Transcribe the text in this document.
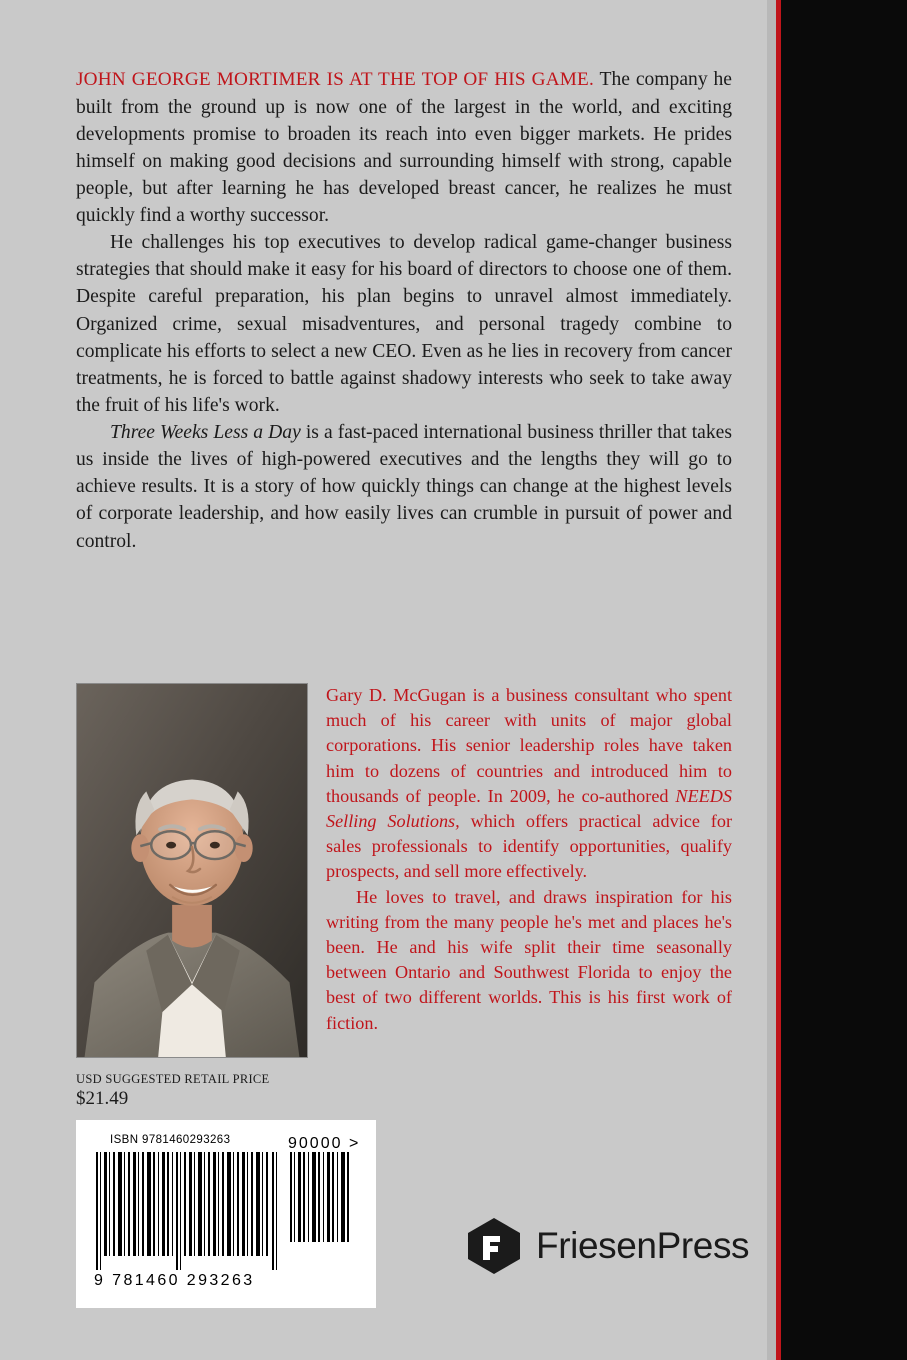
JOHN GEORGE MORTIMER IS AT THE TOP OF HIS GAME. The company he built from the ground up is now one of the largest in the world, and exciting developments promise to broaden its reach into even bigger markets. He prides himself on making good decisions and surrounding himself with strong, capable people, but after learning he has developed breast cancer, he realizes he must quickly find a worthy successor.

He challenges his top executives to develop radical game-changer business strategies that should make it easy for his board of directors to choose one of them. Despite careful preparation, his plan begins to unravel almost immediately. Organized crime, sexual misadventures, and personal tragedy combine to complicate his efforts to select a new CEO. Even as he lies in recovery from cancer treatments, he is forced to battle against shadowy interests who seek to take away the fruit of his life's work.

Three Weeks Less a Day is a fast-paced international business thriller that takes us inside the lives of high-powered executives and the lengths they will go to achieve results. It is a story of how quickly things can change at the highest levels of corporate leadership, and how easily lives can crumble in pursuit of power and control.

Gary D. McGugan is a business consultant who spent much of his career with units of major global corporations. His senior leadership roles have taken him to dozens of countries and introduced him to thousands of people. In 2009, he co-authored NEEDS Selling Solutions, which offers practical advice for sales professionals to identify opportunities, qualify prospects, and sell more effectively.

He loves to travel, and draws inspiration for his writing from the many people he's met and places he's been. He and his wife split their time seasonally between Ontario and Southwest Florida to enjoy the best of two different worlds. This is his first work of fiction.

USD SUGGESTED RETAIL PRICE
$21.49
ISBN 9781460293263	90000 >
9 781460 293263
FriesenPress
